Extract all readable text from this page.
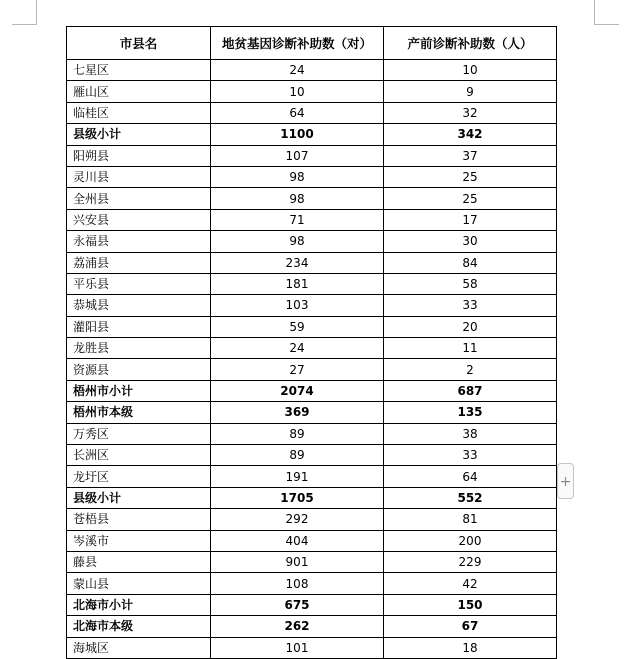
市县名	地贫基因诊断补助数（对）	产前诊断补助数（人）
七星区	24	10
雁山区	10	9
临桂区	64	32
县级小计	1100	342
阳朔县	107	37
灵川县	98	25
全州县	98	25
兴安县	71	17
永福县	98	30
荔浦县	234	84
平乐县	181	58
恭城县	103	33
灌阳县	59	20
龙胜县	24	11
资源县	27	2
梧州市小计	2074	687
梧州市本级	369	135
万秀区	89	38
长洲区	89	33
龙圩区	191	64
县级小计	1705	552
苍梧县	292	81
岑溪市	404	200
藤县	901	229
蒙山县	108	42
北海市小计	675	150
北海市本级	262	67
海城区	101	18
+
